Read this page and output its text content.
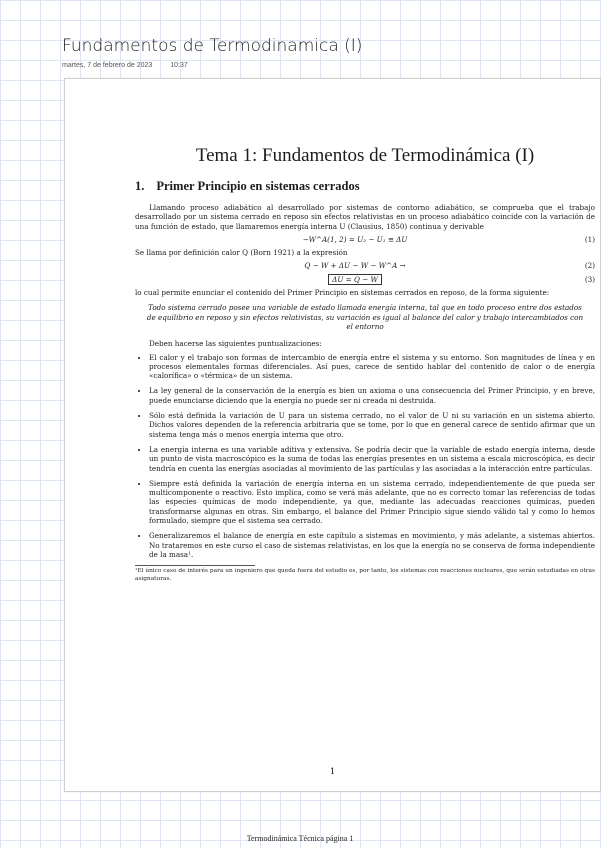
Fundamentos de Termodinamica (I)
martes, 7 de febrero de 2023	10:37
Tema 1: Fundamentos de Termodinámica (I)
1. Primer Principio en sistemas cerrados

Llamando proceso adiabático al desarrollado por sistemas de contorno adiabático, se comprueba que el trabajo desarrollado por un sistema cerrado en reposo sin efectos relativistas en un proceso adiabático coincide con la variación de una función de estado, que llamaremos energía interna U (Clausius, 1850) continua y derivable

−W^A(1, 2) = U₂ − U₁ ≡ ΔU	(1)

Se llama por definición calor Q (Born 1921) a la expresión

Q − W + ΔU − W − W^A →	(2)
ΔU = Q − W	(3)

lo cual permite enunciar el contenido del Primer Principio en sistemas cerrados en reposo, de la forma siguiente:

Todo sistema cerrado posee una variable de estado llamada energía interna, tal que en todo proceso entre dos estados de equilibrio en reposo y sin efectos relativistas, su variación es igual al balance del calor y trabajo intercambiados con el entorno

Deben hacerse las siguientes puntualizaciones:

• El calor y el trabajo son formas de intercambio de energía entre el sistema y su entorno. Son magnitudes de línea y en procesos elementales formas diferenciales. Así pues, carece de sentido hablar del contenido de calor o de energía «calorífica» o «térmica» de un sistema.
• La ley general de la conservación de la energía es bien un axioma o una consecuencia del Primer Principio, y en breve, puede enunciarse diciendo que la energía no puede ser ni creada ni destruida.
• Sólo está definida la variación de U para un sistema cerrado, no el valor de U ni su variación en un sistema abierto. Dichos valores dependen de la referencia arbitraria que se tome, por lo que en general carece de sentido afirmar que un sistema tenga más o menos energía interna que otro.
• La energía interna es una variable aditiva y extensiva. Se podría decir que la variable de estado energía interna, desde un punto de vista macroscópico es la suma de todas las energías presentes en un sistema a escala microscópica, es decir tendría en cuenta las energías asociadas al movimiento de las partículas y las asociadas a la interacción entre partículas.
• Siempre está definida la variación de energía interna en un sistema cerrado, independientemente de que pueda ser multicomponente o reactivo. Esto implica, como se verá más adelante, que no es correcto tomar las referencias de todas las especies químicas de modo independiente, ya que, mediante las adecuadas reacciones químicas, pueden transformarse algunas en otras. Sin embargo, el balance del Primer Principio sigue siendo válido tal y como lo hemos formulado, siempre que el sistema sea cerrado.
• Generalizaremos el balance de energía en este capítulo a sistemas en movimiento, y más adelante, a sistemas abiertos. No trataremos en este curso el caso de sistemas relativistas, en los que la energía no se conserva de forma independiente de la masa¹.

¹El único caso de interés para un ingeniero que queda fuera del estudio es, por tanto, los sistemas con reacciones nucleares, que serán estudiadas en otras asignaturas.

1
Termodinámica Técnica página 1
